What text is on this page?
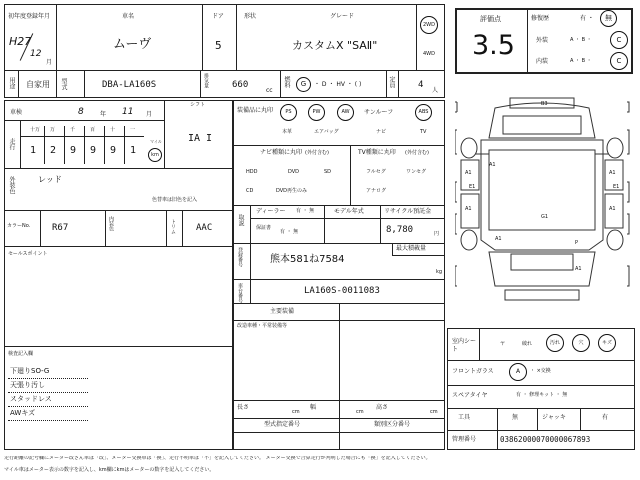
初年度登録年月
H27
12
月
車名
ムーヴ
ドア
5
形状	グレード
カスタムX "SAⅡ"
2WD
4WD
用途 自家用 型式	DBA-LA160S	排気量	660
cc
燃料 G ・ D ・ HV ・ ( )	定員	4
人
評価点
3.5
修復歴	有 ・ 無
外装	A ・ B ・	C
内装	A ・ B ・	C
車検	8	年 11 月
シフト
IA I
走行	マイル
km
外装色	レッド
色替車は旧色を記入
カラーNo. R67	内装色	トリム AAC
セールスポイント
検査記入欄
装備品に丸印
ナビ種類に丸印 (外付含む)	TV種類に丸印 (外付含む)
取説
ディーラー 有 ・ 無
保証書
有 ・ 無
モデル年式	リサイクル預託金
8,780	円
登録番号	熊本581ね7584
最大積載量
kg
車台番号	LA160S-0011083
主要装備
改造車種・平常装備等
長さ
cm
幅
cm
高さ
cm
型式指定番号	類別区分番号
B3
A1
A1
A1
A1
A1
E1	E1
P
A1
G1
A1
室内シート
フロントガラス	A ・ ×交換
スペアタイヤ	有 ・ 修理キット ・ 無
工具	無	ジャッキ	有
管理番号	03862000070000067893
走行距離の記号欄にメーター改ざん車は「改」、メーター交換車は「換」、走行不明車は「不」を記入してください。 メーター交換で合算走行が判明した場合にも「換」を記入してください。
マイル車はメーター表示の数字を記入し、km欄にkmはメーターの数字を記入してください。
十万
1
万
2
千
9
百
9
十
9
一
1
下廻りSO-G
天張り汚し
スタッドレス
AWキズ
PS	PW	AW	サンルーフ	ABS
本革	エアバッグ	ナビ	TV
HDD	DVD	SD
CD	DVD再生のみ
フルセグ	ワンセグ
アナログ
ヤ	破れ	汚れ	穴	キズ
